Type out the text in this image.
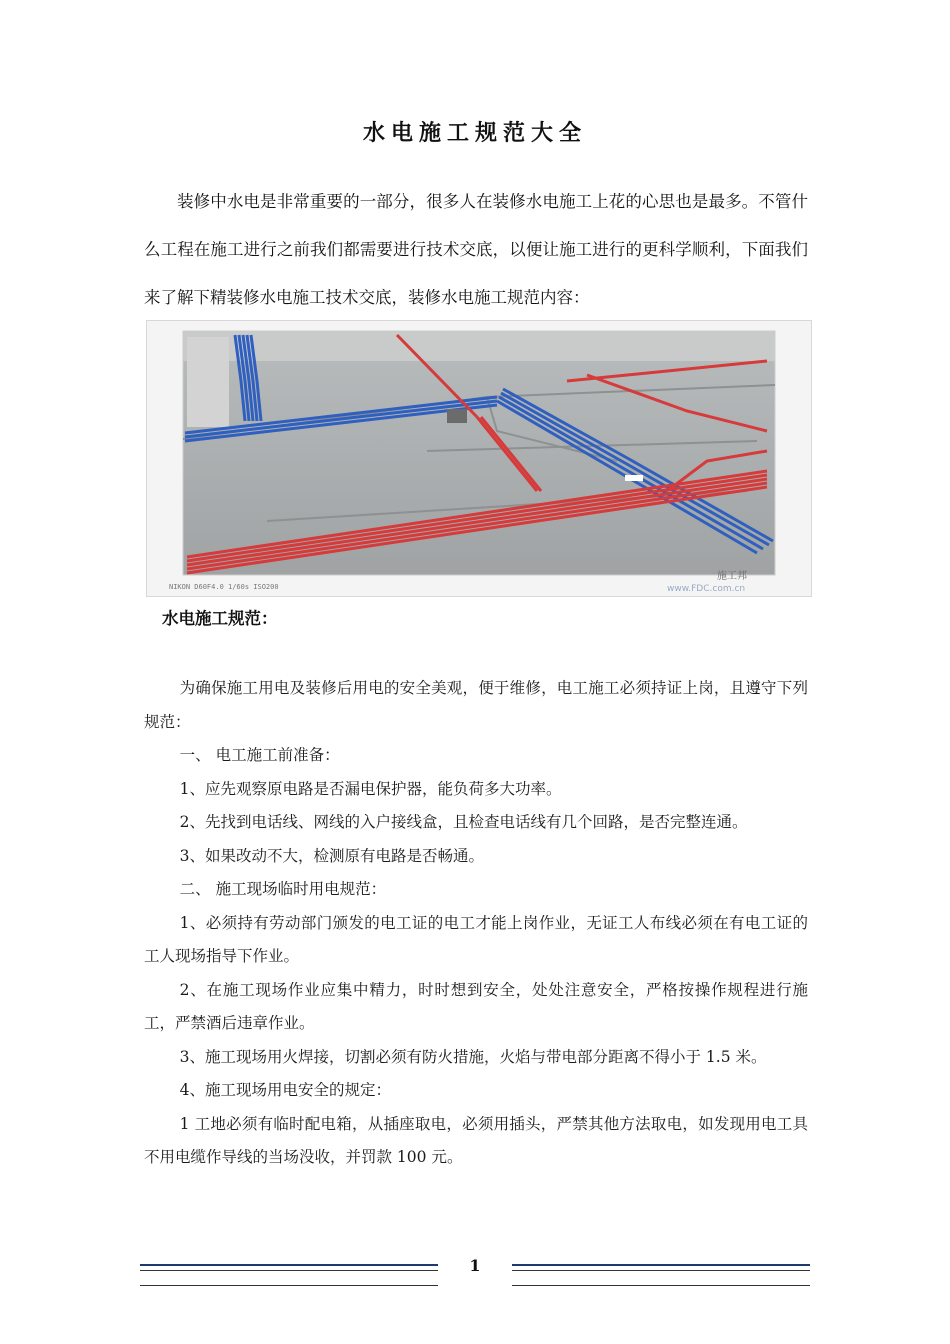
水电施工规范大全
装修中水电是非常重要的一部分，很多人在装修水电施工上花的心思也是最多。不管什么工程在施工进行之前我们都需要进行技术交底，以便让施工进行的更科学顺利，下面我们来了解下精装修水电施工技术交底，装修水电施工规范内容：
NIKON D60F4.0 1/60s ISO200
施工邦
www.FDC.com.cn
水电施工规范：

为确保施工用电及装修后用电的安全美观，便于维修，电工施工必须持证上岗，且遵守下列规范：

一、 电工施工前准备：

1、应先观察原电路是否漏电保护器，能负荷多大功率。

2、先找到电话线、网线的入户接线盒，且检查电话线有几个回路，是否完整连通。

3、如果改动不大，检测原有电路是否畅通。

二、 施工现场临时用电规范：

1、必须持有劳动部门颁发的电工证的电工才能上岗作业，无证工人布线必须在有电工证的工人现场指导下作业。

2、在施工现场作业应集中精力，时时想到安全，处处注意安全，严格按操作规程进行施工，严禁酒后违章作业。

3、施工现场用火焊接，切割必须有防火措施，火焰与带电部分距离不得小于 1.5 米。

4、施工现场用电安全的规定：

1 工地必须有临时配电箱，从插座取电，必须用插头，严禁其他方法取电，如发现用电工具不用电缆作导线的当场没收，并罚款 100 元。

1
